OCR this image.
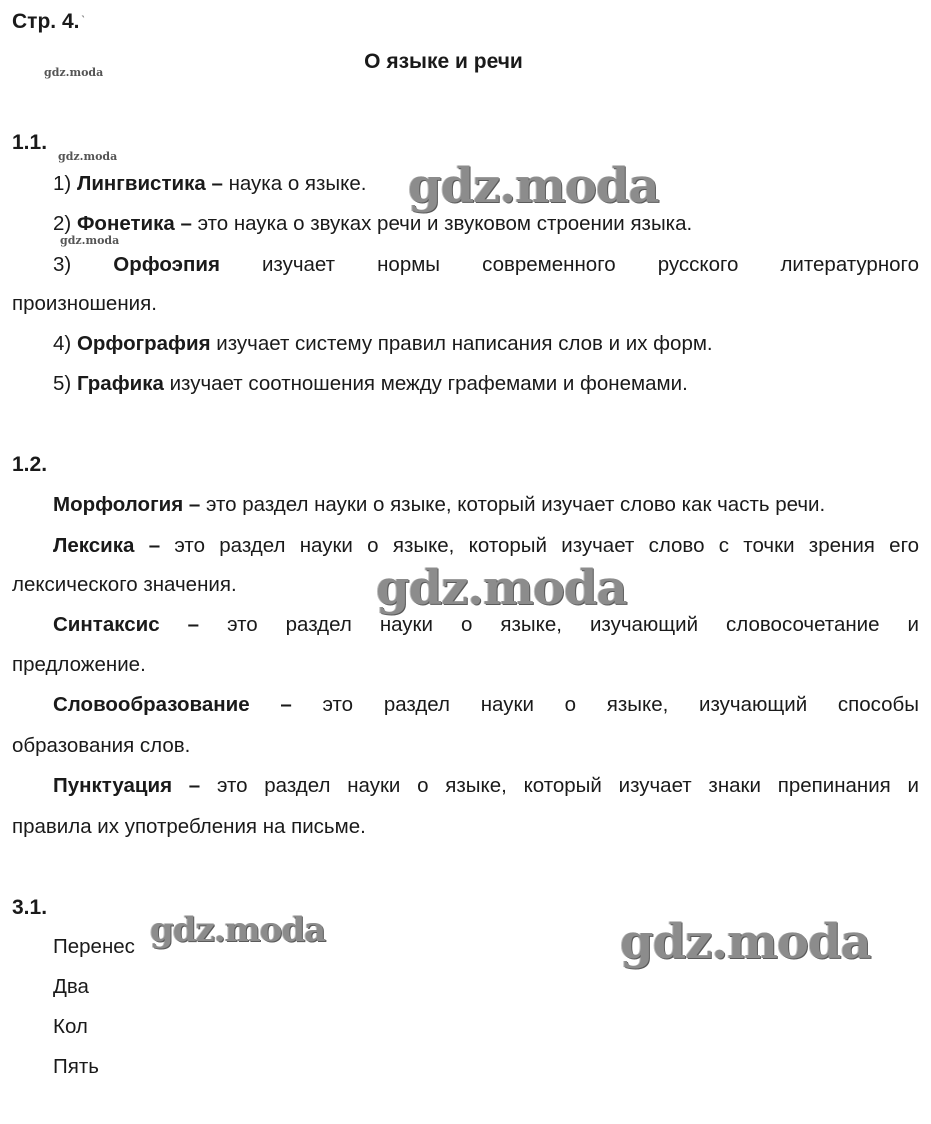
Стр. 4.
О языке и речи
gdz.moda
gdz.moda
gdz.moda
gdz.moda
gdz.moda
gdz.moda	gdz.moda
1.1.
1) Лингвистика – наука о языке.
2) Фонетика – это наука о звуках речи и звуковом строении языка.
3) Орфоэпия изучает нормы современного русского литературного
произношения.
4) Орфография изучает систему правил написания слов и их форм.
5) Графика изучает соотношения между графемами и фонемами.
1.2.
Морфология – это раздел науки о языке, который изучает слово как часть речи.
Лексика – это раздел науки о языке, который изучает слово с точки зрения его
лексического значения.
Синтаксис – это раздел науки о языке, изучающий словосочетание и
предложение.
Словообразование – это раздел науки о языке, изучающий способы
образования слов.
Пунктуация – это раздел науки о языке, который изучает знаки препинания и
правила их употребления на письме.
3.1.
Перенес
Два
Кол
Пять
